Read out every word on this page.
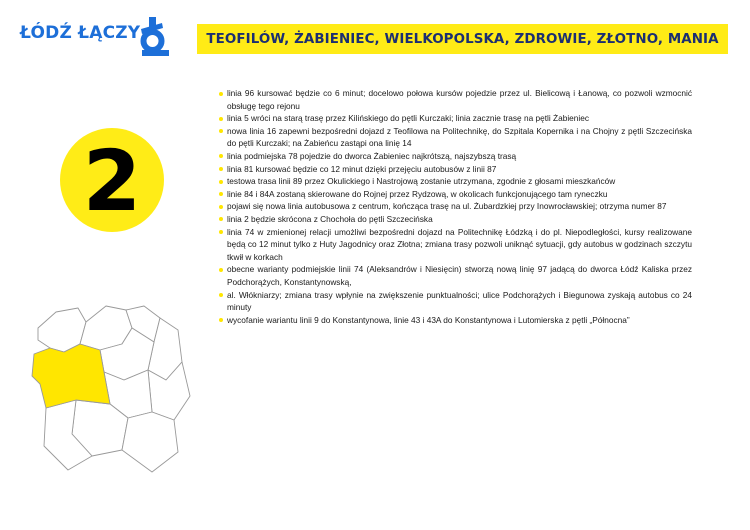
ŁÓDŹ ŁĄCZY	TEOFILÓW, ŻABIENIEC, WIELKOPOLSKA, ZDROWIE, ZŁOTNO, MANIA
2
linia 96 kursować będzie co 6 minut; docelowo połowa kursów pojedzie przez ul. Bielicową i Łanową, co pozwoli wzmocnić obsługę tego rejonu
linia 5 wróci na starą trasę przez Kilińskiego do pętli Kurczaki; linia zacznie trasę na pętli Żabieniec
nowa linia 16 zapewni bezpośredni dojazd z Teofilowa na Politechnikę, do Szpitala Kopernika i na Chojny z pętli Szczecińska do pętli Kurczaki; na Żabieńcu zastąpi ona linię 14
linia podmiejska 78 pojedzie do dworca Żabieniec najkrótszą, najszybszą trasą
linia 81 kursować będzie co 12 minut dzięki przejęciu autobusów z linii 87
testowa trasa linii 89 przez Okulickiego i Nastrojową zostanie utrzymana, zgodnie z głosami mieszkańców
linie 84 i 84A zostaną skierowane do Rojnej przez Rydzową, w okolicach funkcjonującego tam ryneczku
pojawi się nowa linia autobusowa z centrum, kończąca trasę na ul. Żubardzkiej przy Inowrocławskiej; otrzyma numer 87
linia 2 będzie skrócona z Chochoła do pętli Szczecińska
linia 74 w zmienionej relacji umożliwi bezpośredni dojazd na Politechnikę Łódzką i do pl. Niepodległości, kursy realizowane będą co 12 minut tylko z Huty Jagodnicy oraz Złotna; zmiana trasy pozwoli uniknąć sytuacji, gdy autobus w godzinach szczytu tkwił w korkach
obecne warianty podmiejskie linii 74 (Aleksandrów i Niesięcin) stworzą nową linię 97 jadącą do dworca Łódź Kaliska przez Podchorążych, Konstantynowską,
al. Włókniarzy; zmiana trasy wpłynie na zwiększenie punktualności; ulice Podchorążych i Biegunowa zyskają autobus co 24 minuty
wycofanie wariantu linii 9 do Konstantynowa, linie 43 i 43A do Konstantynowa i Lutomierska z pętli „Północna”
